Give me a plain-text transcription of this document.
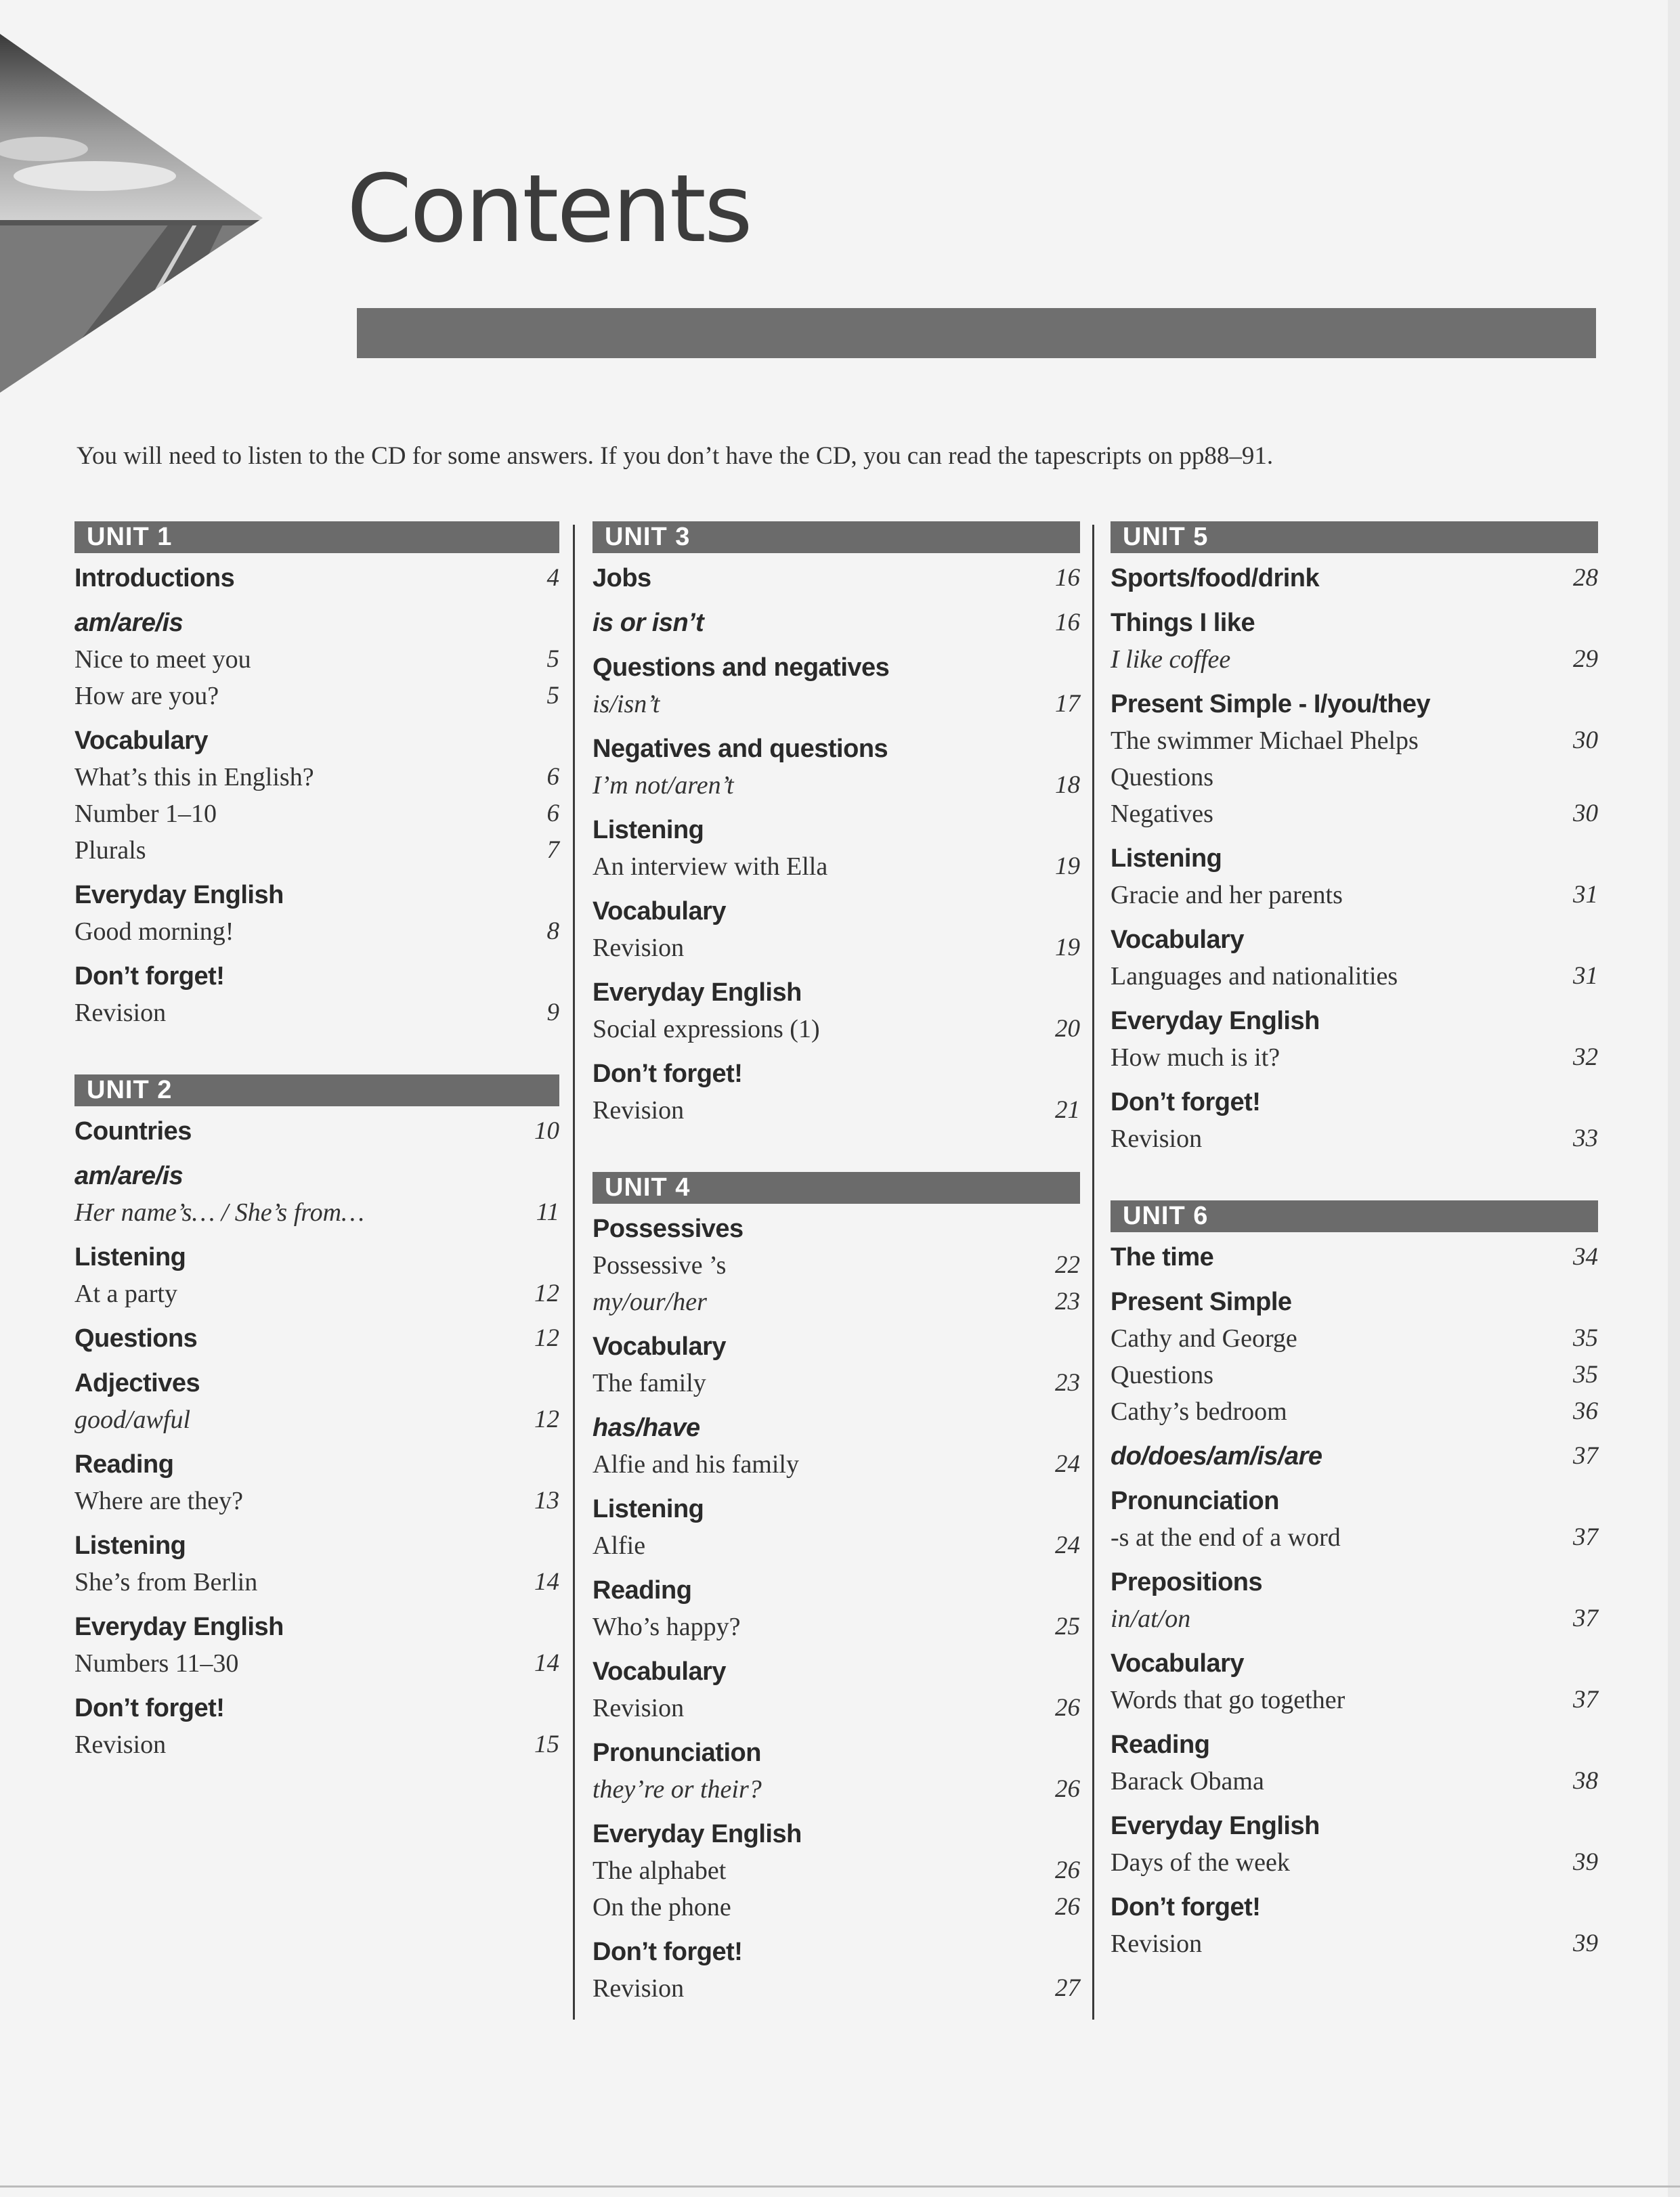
Contents

You will need to listen to the CD for some answers. If you don’t have the CD, you can read the tapescripts on pp88–91.

UNIT 1
Introductions	4
am/are/is
Nice to meet you	5
How are you?	5
Vocabulary
What’s this in English?	6
Number 1–10	6
Plurals	7
Everyday English
Good morning!	8
Don’t forget!
Revision	9
UNIT 2
Countries	10
am/are/is
Her name’s… / She’s from…	11
Listening
At a party	12
Questions	12
Adjectives
good/awful	12
Reading
Where are they?	13
Listening
She’s from Berlin	14
Everyday English
Numbers 11–30	14
Don’t forget!
Revision	15
UNIT 3
Jobs	16
is or isn’t	16
Questions and negatives
is/isn’t	17
Negatives and questions
I’m not/aren’t	18
Listening
An interview with Ella	19
Vocabulary
Revision	19
Everyday English
Social expressions (1)	20
Don’t forget!
Revision	21
UNIT 4
Possessives
Possessive ’s	22
my/our/her	23
Vocabulary
The family	23
has/have
Alfie and his family	24
Listening
Alfie	24
Reading
Who’s happy?	25
Vocabulary
Revision	26
Pronunciation
they’re or their?	26
Everyday English
The alphabet	26
On the phone	26
Don’t forget!
Revision	27
UNIT 5
Sports/food/drink	28
Things I like
I like coffee	29
Present Simple - I/you/they
The swimmer Michael Phelps	30
Questions
Negatives	30
Listening
Gracie and her parents	31
Vocabulary
Languages and nationalities	31
Everyday English
How much is it?	32
Don’t forget!
Revision	33
UNIT 6
The time	34
Present Simple
Cathy and George	35
Questions	35
Cathy’s bedroom	36
do/does/am/is/are	37
Pronunciation
-s at the end of a word	37
Prepositions
in/at/on	37
Vocabulary
Words that go together	37
Reading
Barack Obama	38
Everyday English
Days of the week	39
Don’t forget!
Revision	39
